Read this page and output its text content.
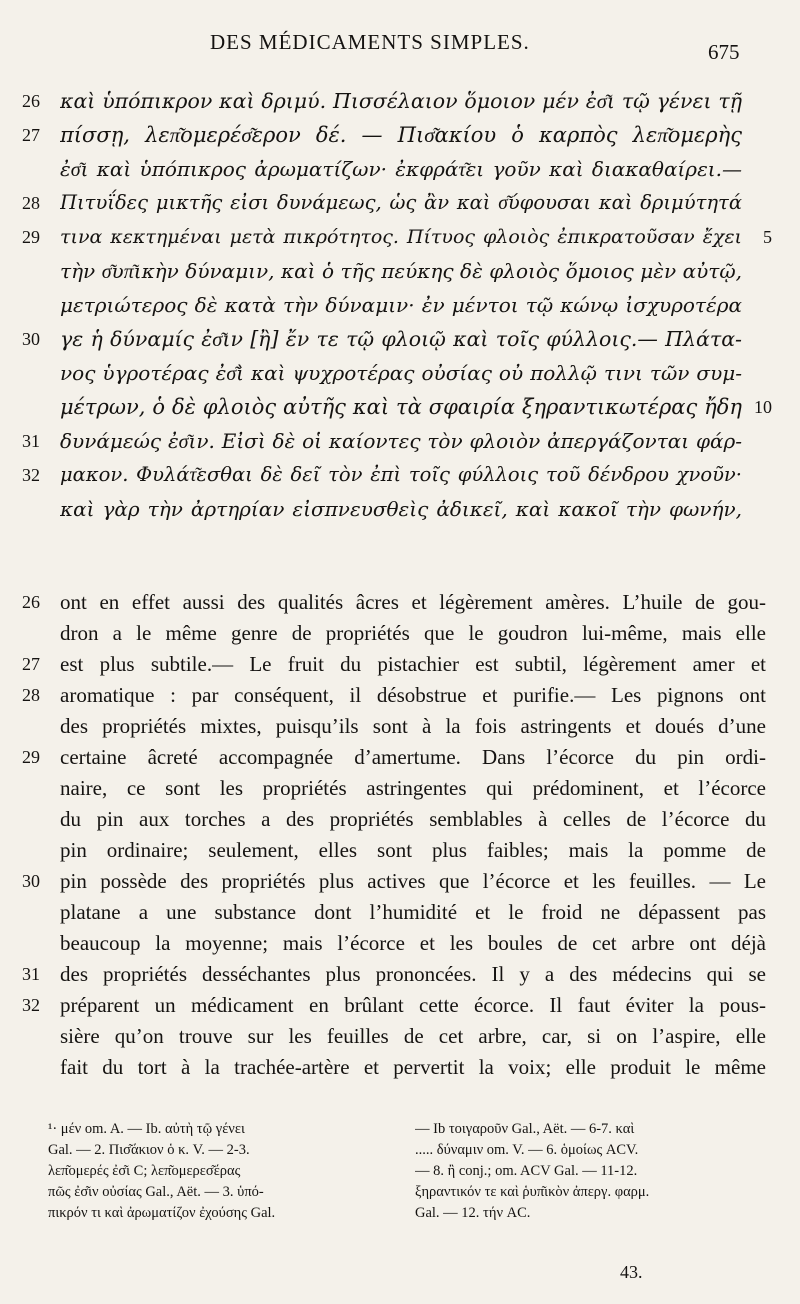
DES MÉDICAMENTS SIMPLES.	675
26 καὶ ὑπόπικρον καὶ δριμύ. Πισσέλαιον ὅμοιον μέν ἐσ͂ι τῷ γένει τῇ
27 πίσσῃ, λεπ͂ομερέσ͂ερον δέ. — Πισ͂ακίου ὁ καρπὸς λεπ͂ομερὴς
ἐσ͂ι καὶ ὑπόπικρος ἀρωματίζων· ἐκφράτ͂ει γοῦν καὶ διακαθαίρει.—
28 Πιτυΐδες μικτῆς εἰσι δυνάμεως, ὡς ἂν καὶ σ͂ύφουσαι καὶ δριμύτητά
29 τινα κεκτημέναι μετὰ πικρότητος. Πίτυος φλοιὸς ἐπικρατοῦσαν ἔχει 5
τὴν σ͂υπ͂ικὴν δύναμιν, καὶ ὁ τῆς πεύκης δὲ φλοιὸς ὅμοιος μὲν αὐτῷ,
μετριώτερος δὲ κατὰ τὴν δύναμιν· ἐν μέντοι τῷ κώνῳ ἰσχυροτέρα
30 γε ἡ δύναμίς ἐσ͂ιν [ἢ] ἔν τε τῷ φλοιῷ καὶ τοῖς φύλλοις.— Πλάτα-
νος ὑγροτέρας ἐσ͂ὶ καὶ ψυχροτέρας οὐσίας οὐ πολλῷ τινι τῶν συμ-
μέτρων, ὁ δὲ φλοιὸς αὐτῆς καὶ τὰ σφαιρία ξηραντικωτέρας ἤδη 10
31 δυνάμεώς ἐσ͂ιν. Εἰσὶ δὲ οἱ καίοντες τὸν φλοιὸν ἀπεργάζονται φάρ-
32 μακον. Φυλάτ͂εσθαι δὲ δεῖ τὸν ἐπὶ τοῖς φύλλοις τοῦ δένδρου χνοῦν·
καὶ γὰρ τὴν ἀρτηρίαν εἰσπνευσθεὶς ἀδικεῖ, καὶ κακοῖ τὴν φωνήν,
26 ont en effet aussi des qualités âcres et légèrement amères. L’huile de gou-
dron a le même genre de propriétés que le goudron lui-même, mais elle
27 est plus subtile.— Le fruit du pistachier est subtil, légèrement amer et
28 aromatique : par conséquent, il désobstrue et purifie.— Les pignons ont
des propriétés mixtes, puisqu’ils sont à la fois astringents et doués d’une
29 certaine âcreté accompagnée d’amertume. Dans l’écorce du pin ordi-
naire, ce sont les propriétés astringentes qui prédominent, et l’écorce
du pin aux torches a des propriétés semblables à celles de l’écorce du
pin ordinaire; seulement, elles sont plus faibles; mais la pomme de
30 pin possède des propriétés plus actives que l’écorce et les feuilles. — Le
platane a une substance dont l’humidité et le froid ne dépassent pas
beaucoup la moyenne; mais l’écorce et les boules de cet arbre ont déjà
31 des propriétés desséchantes plus prononcées. Il y a des médecins qui se
32 préparent un médicament en brûlant cette écorce. Il faut éviter la pous-
sière qu’on trouve sur les feuilles de cet arbre, car, si on l’aspire, elle
fait du tort à la trachée-artère et pervertit la voix; elle produit le même
¹· μέν om. A. — Ib. αὐτὴ τῷ γένει
Gal. — 2. Πισ͂άκιον ὁ κ. V. — 2-3.
λεπ͂ομερές ἐσ͂ι C; λεπ͂ομερεσ͂έρας
πῶς ἐσ͂ιν οὐσίας Gal., Aët. — 3. ὑπό-
πικρόν τι καὶ ἀρωματίζον ἐχούσης Gal.
— Ib τοιγαροῦν Gal., Aët. — 6-7. καὶ
..... δύναμιν om. V. — 6. ὁμοίως ACV.
— 8. ἢ conj.; om. ACV Gal. — 11-12.
ξηραντικόν τε καὶ ῥυπ͂ικὸν ἀπεργ. φαρμ.
Gal. — 12. τήν AC.
43.
